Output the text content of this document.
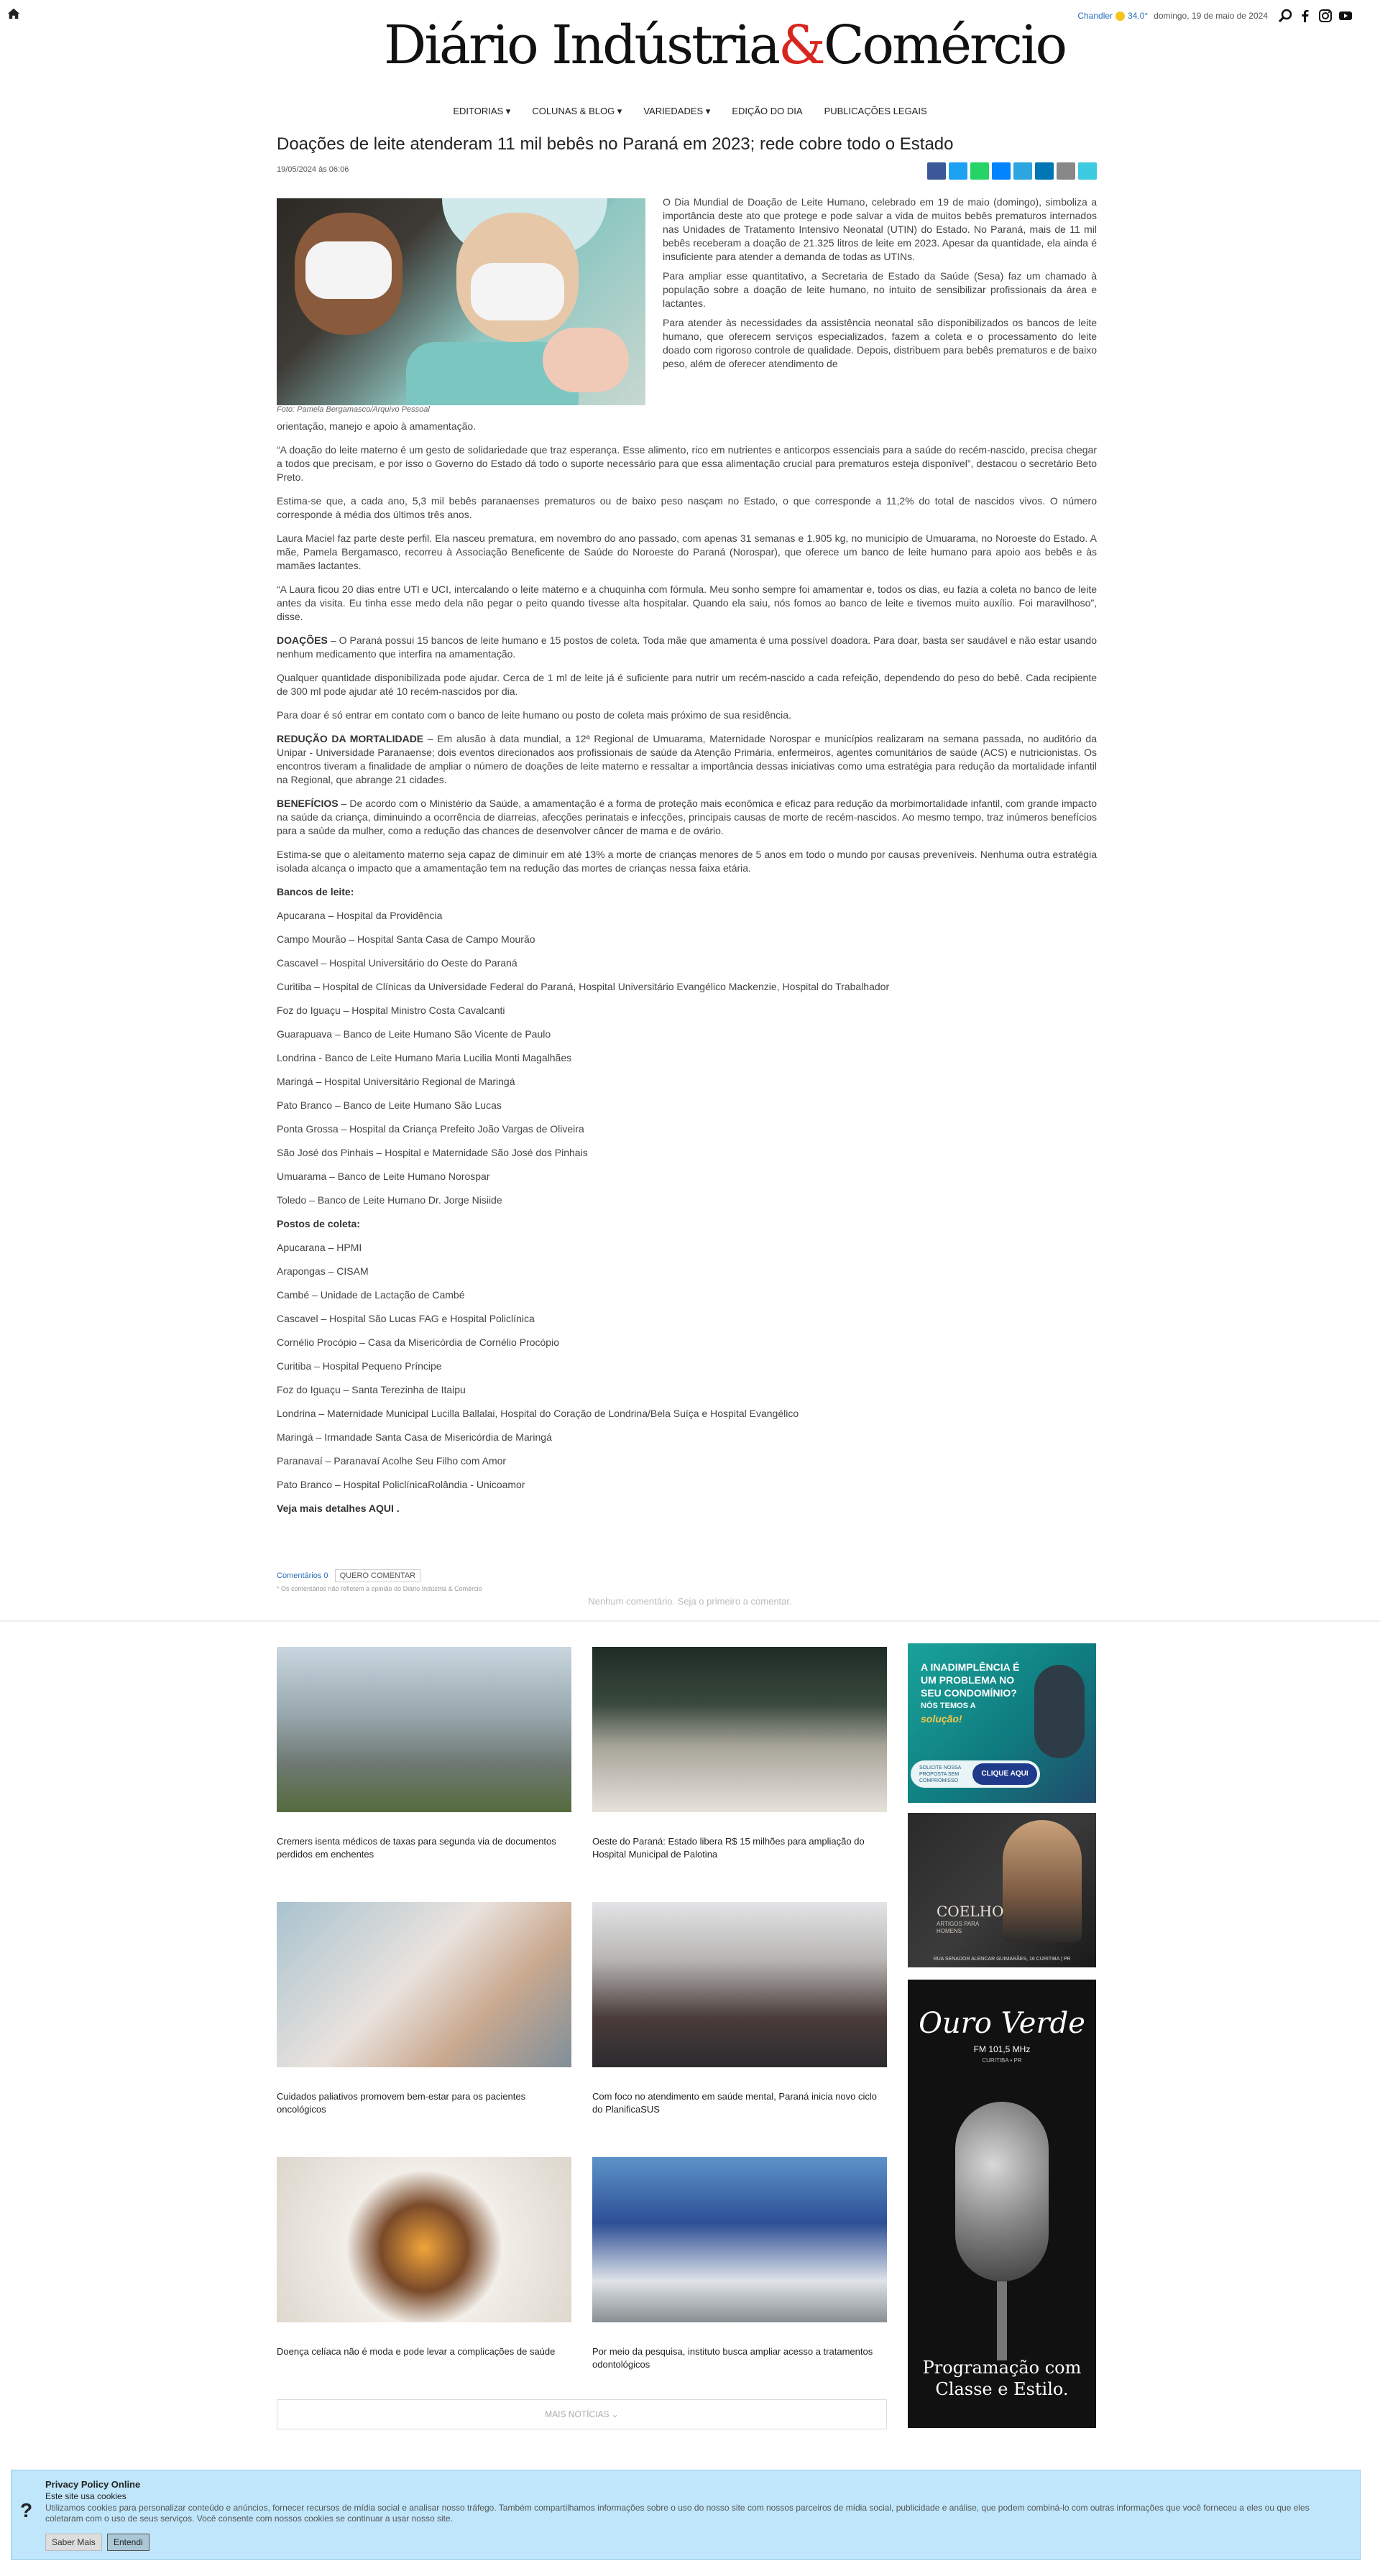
Chandler 34.0° domingo, 19 de maio de 2024
Diário Indústria&Comércio
EDITORIAS ▾ COLUNAS & BLOG ▾ VARIEDADES ▾ EDIÇÃO DO DIA PUBLICAÇÕES LEGAIS
Doações de leite atenderam 11 mil bebês no Paraná em 2023; rede cobre todo o Estado
19/05/2024 às 06:06
Foto: Pamela Bergamasco/Arquivo Pessoal

O Dia Mundial de Doação de Leite Humano, celebrado em 19 de maio (domingo), simboliza a importância deste ato que protege e pode salvar a vida de muitos bebês prematuros internados nas Unidades de Tratamento Intensivo Neonatal (UTIN) do Estado. No Paraná, mais de 11 mil bebês receberam a doação de 21.325 litros de leite em 2023. Apesar da quantidade, ela ainda é insuficiente para atender a demanda de todas as UTINs.

Para ampliar esse quantitativo, a Secretaria de Estado da Saúde (Sesa) faz um chamado à população sobre a doação de leite humano, no intuito de sensibilizar profissionais da área e lactantes.

Para atender às necessidades da assistência neonatal são disponibilizados os bancos de leite humano, que oferecem serviços especializados, fazem a coleta e o processamento do leite doado com rigoroso controle de qualidade. Depois, distribuem para bebês prematuros e de baixo peso, além de oferecer atendimento de

orientação, manejo e apoio à amamentação.

“A doação do leite materno é um gesto de solidariedade que traz esperança. Esse alimento, rico em nutrientes e anticorpos essenciais para a saúde do recém-nascido, precisa chegar a todos que precisam, e por isso o Governo do Estado dá todo o suporte necessário para que essa alimentação crucial para prematuros esteja disponível”, destacou o secretário Beto Preto.

Estima-se que, a cada ano, 5,3 mil bebês paranaenses prematuros ou de baixo peso nasçam no Estado, o que corresponde a 11,2% do total de nascidos vivos. O número corresponde à média dos últimos três anos.

Laura Maciel faz parte deste perfil. Ela nasceu prematura, em novembro do ano passado, com apenas 31 semanas e 1.905 kg, no município de Umuarama, no Noroeste do Estado. A mãe, Pamela Bergamasco, recorreu à Associação Beneficente de Saúde do Noroeste do Paraná (Norospar), que oferece um banco de leite humano para apoio aos bebês e às mamães lactantes.

“A Laura ficou 20 dias entre UTI e UCI, intercalando o leite materno e a chuquinha com fórmula. Meu sonho sempre foi amamentar e, todos os dias, eu fazia a coleta no banco de leite antes da visita. Eu tinha esse medo dela não pegar o peito quando tivesse alta hospitalar. Quando ela saiu, nós fomos ao banco de leite e tivemos muito auxílio. Foi maravilhoso”, disse.

DOAÇÕES – O Paraná possui 15 bancos de leite humano e 15 postos de coleta. Toda mãe que amamenta é uma possível doadora. Para doar, basta ser saudável e não estar usando nenhum medicamento que interfira na amamentação.

Qualquer quantidade disponibilizada pode ajudar. Cerca de 1 ml de leite já é suficiente para nutrir um recém-nascido a cada refeição, dependendo do peso do bebê. Cada recipiente de 300 ml pode ajudar até 10 recém-nascidos por dia.

Para doar é só entrar em contato com o banco de leite humano ou posto de coleta mais próximo de sua residência.

REDUÇÃO DA MORTALIDADE – Em alusão à data mundial, a 12ª Regional de Umuarama, Maternidade Norospar e municípios realizaram na semana passada, no auditório da Unipar - Universidade Paranaense; dois eventos direcionados aos profissionais de saúde da Atenção Primária, enfermeiros, agentes comunitários de saúde (ACS) e nutricionistas. Os encontros tiveram a finalidade de ampliar o número de doações de leite materno e ressaltar a importância dessas iniciativas como uma estratégia para redução da mortalidade infantil na Regional, que abrange 21 cidades.

BENEFÍCIOS – De acordo com o Ministério da Saúde, a amamentação é a forma de proteção mais econômica e eficaz para redução da morbimortalidade infantil, com grande impacto na saúde da criança, diminuindo a ocorrência de diarreias, afecções perinatais e infecções, principais causas de morte de recém-nascidos. Ao mesmo tempo, traz inúmeros benefícios para a saúde da mulher, como a redução das chances de desenvolver câncer de mama e de ovário.

Estima-se que o aleitamento materno seja capaz de diminuir em até 13% a morte de crianças menores de 5 anos em todo o mundo por causas preveníveis. Nenhuma outra estratégia isolada alcança o impacto que a amamentação tem na redução das mortes de crianças nessa faixa etária.

Bancos de leite:

Apucarana – Hospital da Providência

Campo Mourão – Hospital Santa Casa de Campo Mourão

Cascavel – Hospital Universitário do Oeste do Paraná

Curitiba – Hospital de Clínicas da Universidade Federal do Paraná, Hospital Universitário Evangélico Mackenzie, Hospital do Trabalhador

Foz do Iguaçu – Hospital Ministro Costa Cavalcanti

Guarapuava – Banco de Leite Humano São Vicente de Paulo

Londrina - Banco de Leite Humano Maria Lucilia Monti Magalhães

Maringá – Hospital Universitário Regional de Maringá

Pato Branco – Banco de Leite Humano São Lucas

Ponta Grossa – Hospital da Criança Prefeito João Vargas de Oliveira

São José dos Pinhais – Hospital e Maternidade São José dos Pinhais

Umuarama – Banco de Leite Humano Norospar

Toledo – Banco de Leite Humano Dr. Jorge Nisiide

Postos de coleta:

Apucarana – HPMI

Arapongas – CISAM

Cambé – Unidade de Lactação de Cambé

Cascavel – Hospital São Lucas FAG e Hospital Policlínica

Cornélio Procópio – Casa da Misericórdia de Cornélio Procópio

Curitiba – Hospital Pequeno Príncipe

Foz do Iguaçu – Santa Terezinha de Itaipu

Londrina – Maternidade Municipal Lucilla Ballalai, Hospital do Coração de Londrina/Bela Suíça e Hospital Evangélico

Maringá – Irmandade Santa Casa de Misericórdia de Maringá

Paranavaí – Paranavaí Acolhe Seu Filho com Amor

Pato Branco – Hospital PoliclínicaRolândia - Unicoamor

Veja mais detalhes AQUI .

Comentários 0 QUERO COMENTAR
* Os comentários não refletem a opinião do Diário Indústria & Comércio
Nenhum comentário. Seja o primeiro a comentar.
Cremers isenta médicos de taxas para segunda via de documentos perdidos em enchentes
Oeste do Paraná: Estado libera R$ 15 milhões para ampliação do Hospital Municipal de Palotina
Cuidados paliativos promovem bem-estar para os pacientes oncológicos
Com foco no atendimento em saúde mental, Paraná inicia novo ciclo do PlanificaSUS
Doença celíaca não é moda e pode levar a complicações de saúde	Por meio da pesquisa, instituto busca ampliar acesso a tratamentos odontológicos
A INADIMPLÊNCIA É
UM PROBLEMA NO
SEU CONDOMÍNIO?
NÓS TEMOS A
solução!
SOLICITE NOSSA PROPOSTA SEM COMPROMISSO
CLIQUE AQUI
COELHO
ARTIGOS PARA HOMENS
RUA SENADOR ALENCAR GUIMARÃES, 16 CURITIBA | PR
Ouro Verde
FM 101,5 MHz
CURITIBA • PR
Programação com
Classe e Estilo.
MAIS NOTÍCIAS ⌄
?
Privacy Policy Online
Este site usa cookies
Utilizamos cookies para personalizar conteúdo e anúncios, fornecer recursos de mídia social e analisar nosso tráfego. Também compartilhamos informações sobre o uso do nosso site com nossos parceiros de mídia social, publicidade e análise, que podem combiná-lo com outras informações que você forneceu a eles ou que eles coletaram com o uso de seus serviços. Você consente com nossos cookies se continuar a usar nosso site.
Saber Mais	Entendi
